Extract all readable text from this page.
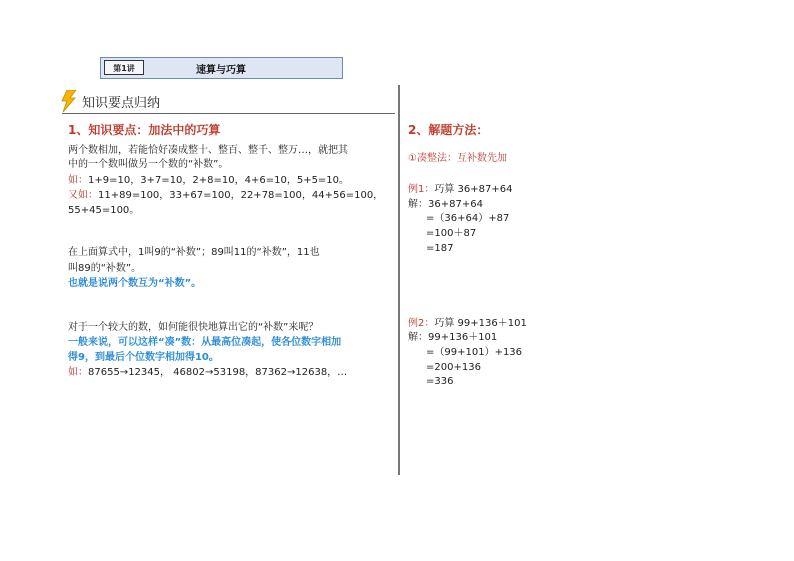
第1讲	速算与巧算
知识要点归纳
1、知识要点：加法中的巧算
两个数相加，若能恰好凑成整十、整百、整千、整万…，就把其
中的一个数叫做另一个数的“补数”。
如：1+9=10，3+7=10，2+8=10，4+6=10，5+5=10。
又如：11+89=100，33+67=100，22+78=100，44+56=100，
55+45=100。
在上面算式中，1叫9的“补数”；89叫11的“补数”，11也
叫89的“补数”。
也就是说两个数互为“补数”。
对于一个较大的数，如何能很快地算出它的“补数”来呢？
一般来说，可以这样“凑”数：从最高位凑起，使各位数字相加
得9，到最后个位数字相加得10。
如：87655→12345， 46802→53198，87362→12638，…
2、解题方法：
①凑整法：互补数先加
例1：巧算 36+87+64
解：36+87+64
=（36+64）+87
=100＋87
=187
例2：巧算 99+136＋101
解：99+136＋101
=（99+101）+136
=200+136
=336
